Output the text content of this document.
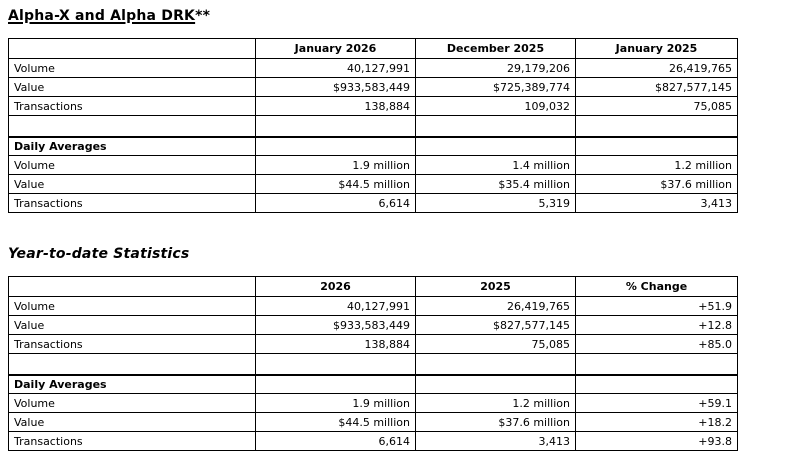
Alpha-X and Alpha DRK**
	January 2026	December 2025	January 2025
Volume	40,127,991	29,179,206	26,419,765
Value	$933,583,449	$725,389,774	$827,577,145
Transactions	138,884	109,032	75,085

Daily Averages			
Volume	1.9 million	1.4 million	1.2 million
Value	$44.5 million	$35.4 million	$37.6 million
Transactions	6,614	5,319	3,413
Year-to-date Statistics
	2026	2025	% Change
Volume	40,127,991	26,419,765	+51.9
Value	$933,583,449	$827,577,145	+12.8
Transactions	138,884	75,085	+85.0

Daily Averages			
Volume	1.9 million	1.2 million	+59.1
Value	$44.5 million	$37.6 million	+18.2
Transactions	6,614	3,413	+93.8
